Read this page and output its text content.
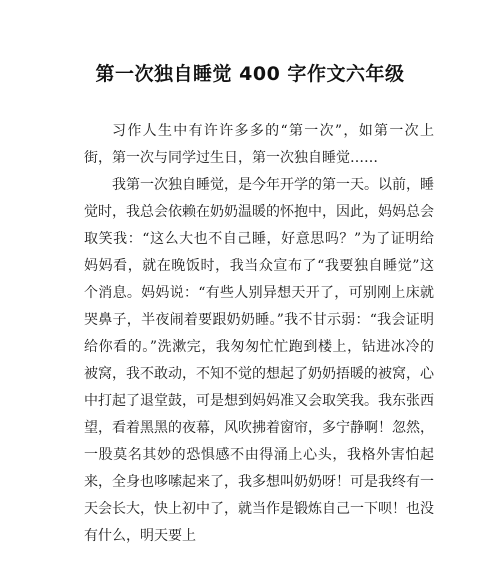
第一次独自睡觉 400 字作文六年级

习作人生中有许许多多的“第一次”，如第一次上街，第一次与同学过生日，第一次独自睡觉……

我第一次独自睡觉，是今年开学的第一天。以前，睡觉时，我总会依赖在奶奶温暖的怀抱中，因此，妈妈总会取笑我：“这么大也不自己睡，好意思吗？”为了证明给妈妈看，就在晚饭时，我当众宣布了“我要独自睡觉”这个消息。妈妈说：“有些人别异想天开了，可别刚上床就哭鼻子，半夜闹着要跟奶奶睡。”我不甘示弱：“我会证明给你看的。”洗漱完，我匆匆忙忙跑到楼上，钻进冰冷的被窝，我不敢动，不知不觉的想起了奶奶捂暖的被窝，心中打起了退堂鼓，可是想到妈妈准又会取笑我。我东张西望，看着黑黑的夜幕，风吹拂着窗帘，多宁静啊！忽然，一股莫名其妙的恐惧感不由得涌上心头，我格外害怕起来，全身也哆嗦起来了，我多想叫奶奶呀！可是我终有一天会长大，快上初中了，就当作是锻炼自己一下呗！也没有什么，明天要上
